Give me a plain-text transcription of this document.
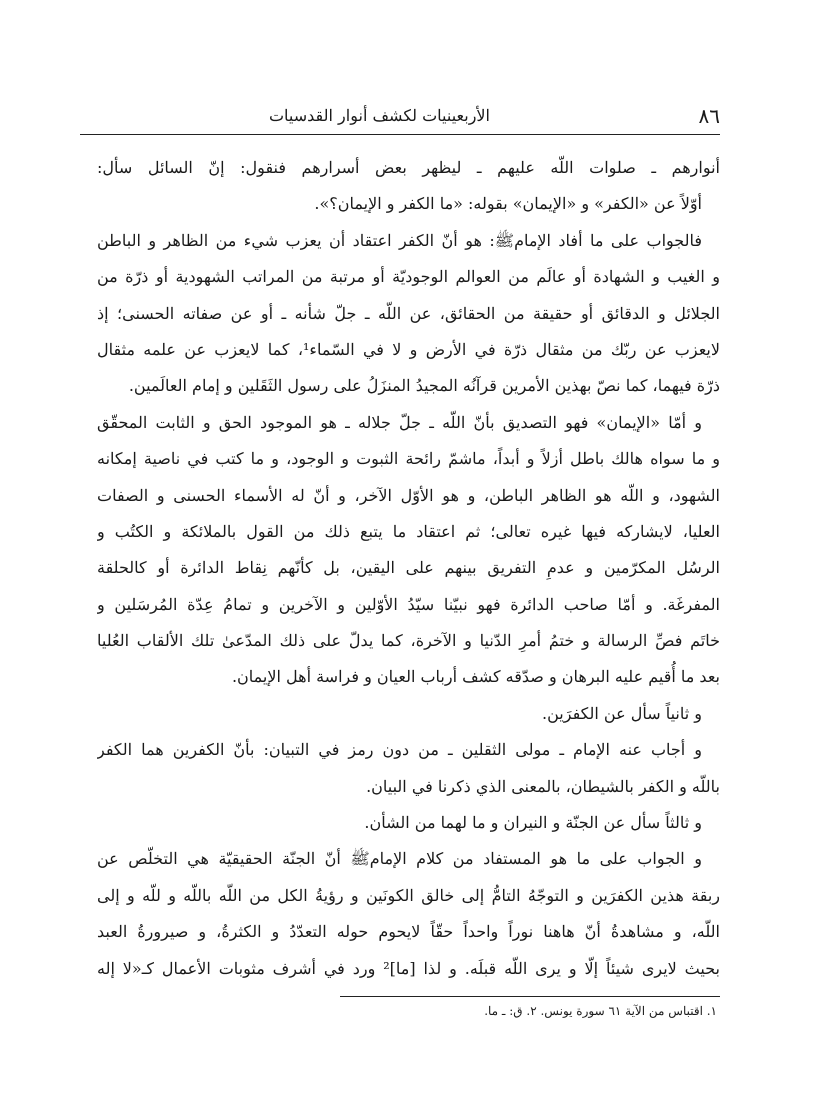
٨٦
الأربعينيات لكشف أنوار القدسيات
أنوارهم ـ صلوات اللّه عليهم ـ ليظهر بعض أسرارهم فنقول: إنّ السائل سأل:
أوّلاً عن «الكفر» و «الإيمان» بقوله: «ما الكفر و الإيمان؟».
فالجواب على ما أفاد الإمامﷺ: هو أنّ الكفر اعتقاد أن يعزب شيء من الظاهر و الباطن
و الغيب و الشهادة أو عالَم من العوالم الوجوديّة أو مرتبة من المراتب الشهودية أو ذرّة من
الجلائل و الدقائق أو حقيقة من الحقائق، عن اللّه ـ جلّ شأنه ـ أو عن صفاته الحسنى؛ إذ
لايعزب عن ربّك من مثقال ذرّة في الأرض و لا في السّماء¹، كما لايعزب عن علمه مثقال
ذرّة فيهما، كما نصّ بهذين الأمرين قرآنُه المجيدُ المنزَلُ على رسول الثَقَلين و إمام العالَمين.
و أمّا «الإيمان» فهو التصديق بأنّ اللّه ـ جلّ جلاله ـ هو الموجود الحق و الثابت المحقّق
و ما سواه هالك باطل أزلاً و أبداً، ماشمّ رائحة الثبوت و الوجود، و ما كتب في ناصية إمكانه
الشهود، و اللّه هو الظاهر الباطن، و هو الأوّل الآخر، و أنّ له الأسماء الحسنى و الصفات
العليا، لايشاركه فيها غيره تعالى؛ ثم اعتقاد ما يتبع ذلك من القول بالملائكة و الكتُب و
الرسُل المكرّمين و عدمِ التفريق بينهم على اليقين، بل كأنّهم نِقاط الدائرة أو كالحلقة
المفرغَة. و أمّا صاحب الدائرة فهو نبيّنا سيّدُ الأوّلين و الآخرين و تمامُ عِدّة المُرسَلين و
خاتَم فصِّ الرسالة و ختمُ أمرِ الدّنيا و الآخرة، كما يدلّ على ذلك المدّعىٰ تلك الألقاب العُليا
بعد ما أُقيم عليه البرهان و صدّقه كشف أرباب العيان و فراسة أهل الإيمان.
و ثانياً سأل عن الكفرَين.
و أجاب عنه الإمام ـ مولى الثقلين ـ من دون رمز في التبيان: بأنّ الكفرين هما الكفر
باللّه و الكفر بالشيطان، بالمعنى الذي ذكرنا في البيان.
و ثالثاً سأل عن الجنّة و النيران و ما لهما من الشأن.
و الجواب على ما هو المستفاد من كلام الإمامﷺ أنّ الجنّة الحقيقيّة هي التخلّص عن
ربقة هذين الكفرَين و التوجّهُ التامُّ إلى خالق الكونَين و رؤيةُ الكل من اللّه باللّه و للّه و إلى
اللّه، و مشاهدةُ أنّ هاهنا نوراً واحداً حقّاً لايحوم حوله التعدّدُ و الكثرةُ، و صيرورةُ العبد
بحيث لايرى شيئاً إلّا و يرى اللّه قبلَه. و لذا [ما]² ورد في أشرف مثوبات الأعمال كـ«لا إله
١. اقتباس من الآية ٦١ سورة يونس. ٢. ق: ـ ما.
